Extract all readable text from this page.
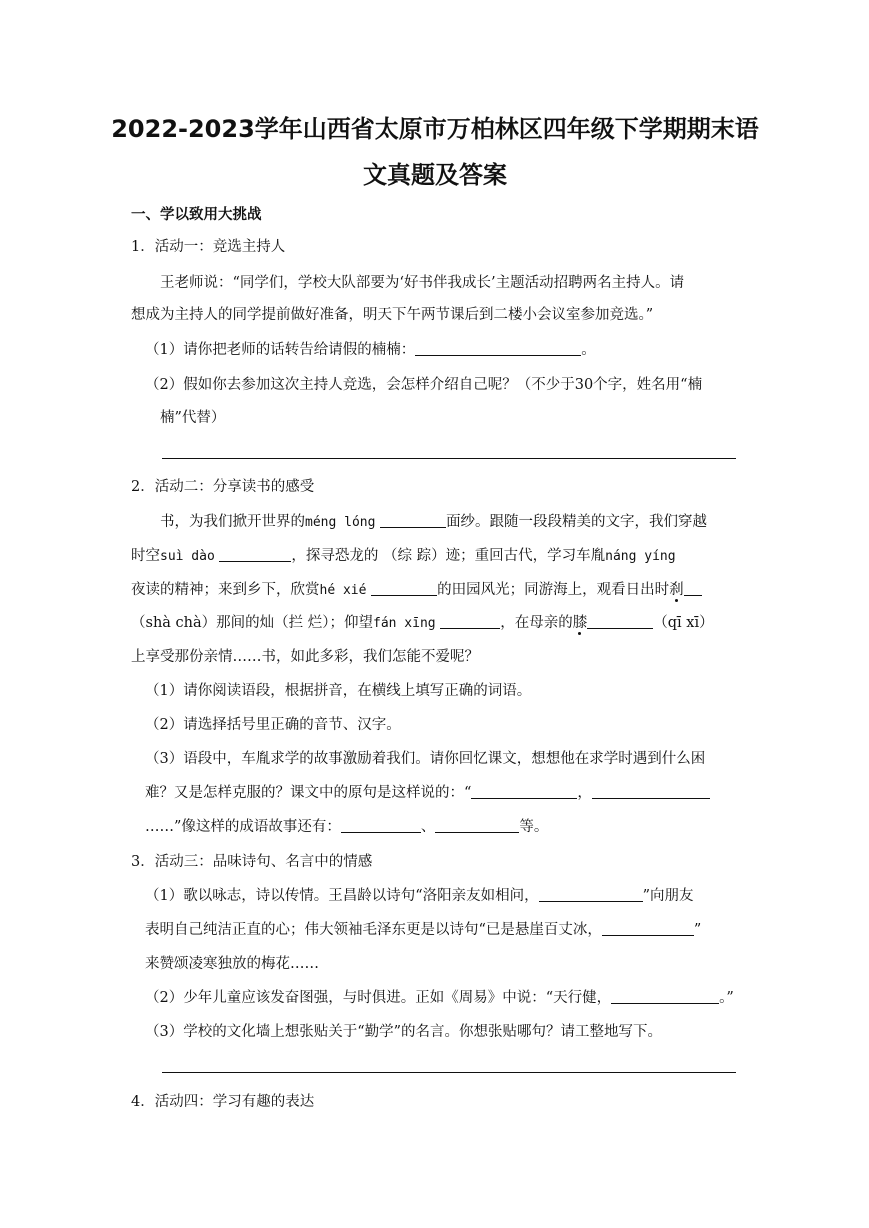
2022-2023学年山西省太原市万柏林区四年级下学期期末语
文真题及答案
一、学以致用大挑战
1．活动一：竞选主持人
王老师说：“同学们，学校大队部要为‘好书伴我成长’主题活动招聘两名主持人。请
想成为主持人的同学提前做好准备，明天下午两节课后到二楼小会议室参加竞选。”
（1）请你把老师的话转告给请假的楠楠：	。
（2）假如你去参加这次主持人竞选，会怎样介绍自己呢？（不少于30个字，姓名用“楠
楠”代替）
2．活动二：分享读书的感受
书，为我们掀开世界的méng lóng	面纱。跟随一段段精美的文字，我们穿越
时空suì dào	，探寻恐龙的 （综 踪）迹；重回古代，学习车胤náng yíng
夜读的精神；来到乡下，欣赏hé xié	的田园风光；同游海上，观看日出时刹
（shà chà）那间的灿（拦 烂）；仰望fán xīng	，在母亲的膝	（qī xī）
上享受那份亲情……书，如此多彩，我们怎能不爱呢？
（1）请你阅读语段，根据拼音，在横线上填写正确的词语。
（2）请选择括号里正确的音节、汉字。
（3）语段中，车胤求学的故事激励着我们。请你回忆课文，想想他在求学时遇到什么困
难？又是怎样克服的？课文中的原句是这样说的：“	，
……”像这样的成语故事还有：	、	等。
3．活动三：品味诗句、名言中的情感
（1）歌以咏志，诗以传情。王昌龄以诗句“洛阳亲友如相问，	”向朋友
表明自己纯洁正直的心；伟大领袖毛泽东更是以诗句“已是悬崖百丈冰，	”
来赞颂凌寒独放的梅花……
（2）少年儿童应该发奋图强，与时俱进。正如《周易》中说：“天行健，	。”
（3）学校的文化墙上想张贴关于“勤学”的名言。你想张贴哪句？请工整地写下。
4．活动四：学习有趣的表达
